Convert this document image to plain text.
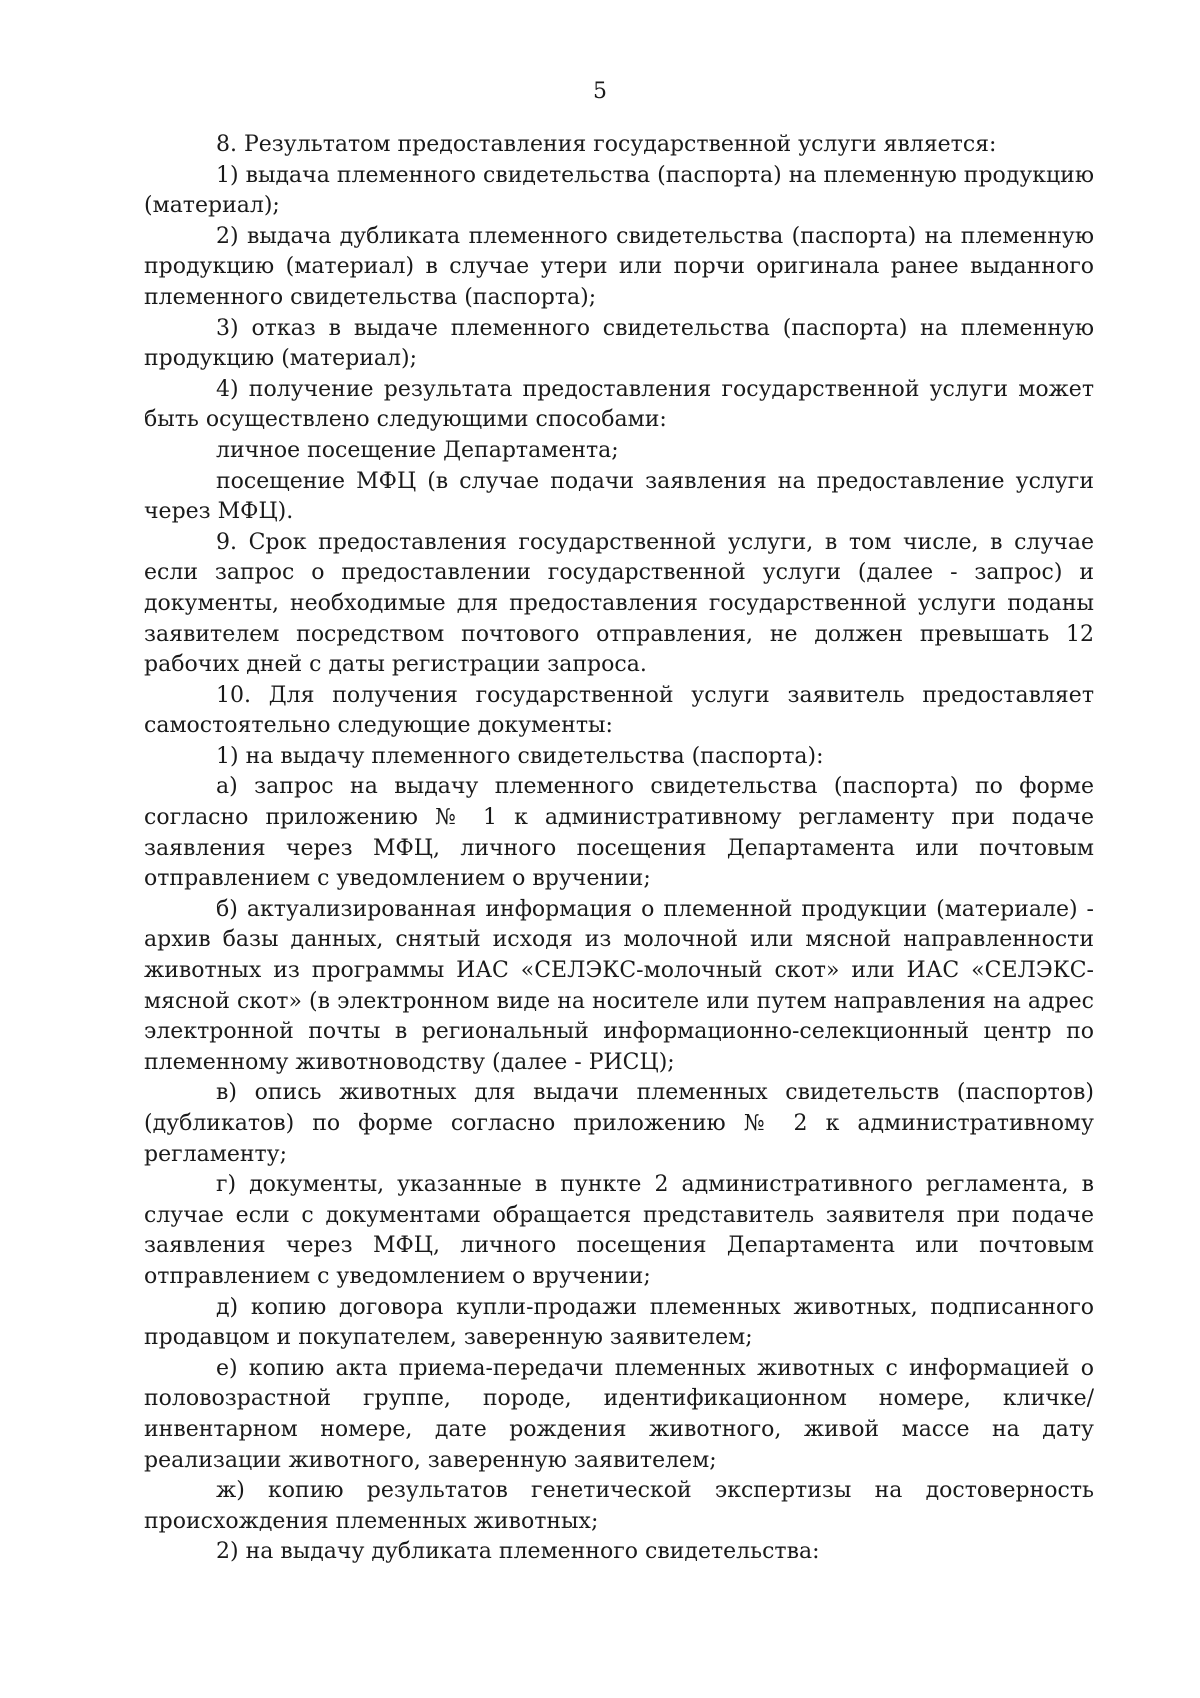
5

8. Результатом предоставления государственной услуги является:

1) выдача племенного свидетельства (паспорта) на племенную продукцию (материал);

2) выдача дубликата племенного свидетельства (паспорта) на племенную продукцию (материал) в случае утери или порчи оригинала ранее выданного племенного свидетельства (паспорта);

3) отказ в выдаче племенного свидетельства (паспорта) на племенную продукцию (материал);

4) получение результата предоставления государственной услуги может быть осуществлено следующими способами:

личное посещение Департамента;

посещение МФЦ (в случае подачи заявления на предоставление услуги через МФЦ).

9. Срок предоставления государственной услуги, в том числе, в случае если запрос о предоставлении государственной услуги (далее - запрос) и документы, необходимые для предоставления государственной услуги поданы заявителем посредством почтового отправления, не должен превышать 12 рабочих дней с даты регистрации запроса.

10. Для получения государственной услуги заявитель предоставляет самостоятельно следующие документы:

1) на выдачу племенного свидетельства (паспорта):

а) запрос на выдачу племенного свидетельства (паспорта) по форме согласно приложению № 1 к административному регламенту при подаче заявления через МФЦ, личного посещения Департамента или почтовым отправлением с уведомлением о вручении;

б) актуализированная информация о племенной продукции (материале) - архив базы данных, снятый исходя из молочной или мясной направленности животных из программы ИАС «СЕЛЭКС-молочный скот» или ИАС «СЕЛЭКС-мясной скот» (в электронном виде на носителе или путем направления на адрес электронной почты в региональный информационно-селекционный центр по племенному животноводству (далее - РИСЦ);

в) опись животных для выдачи племенных свидетельств (паспортов) (дубликатов) по форме согласно приложению № 2 к административному регламенту;

г) документы, указанные в пункте 2 административного регламента, в случае если с документами обращается представитель заявителя при подаче заявления через МФЦ, личного посещения Департамента или почтовым отправлением с уведомлением о вручении;

д) копию договора купли-продажи племенных животных, подписанного продавцом и покупателем, заверенную заявителем;

е) копию акта приема-передачи племенных животных с информацией о половозрастной группе, породе, идентификационном номере, кличке/инвентарном номере, дате рождения животного, живой массе на дату реализации животного, заверенную заявителем;

ж) копию результатов генетической экспертизы на достоверность происхождения племенных животных;

2) на выдачу дубликата племенного свидетельства:
